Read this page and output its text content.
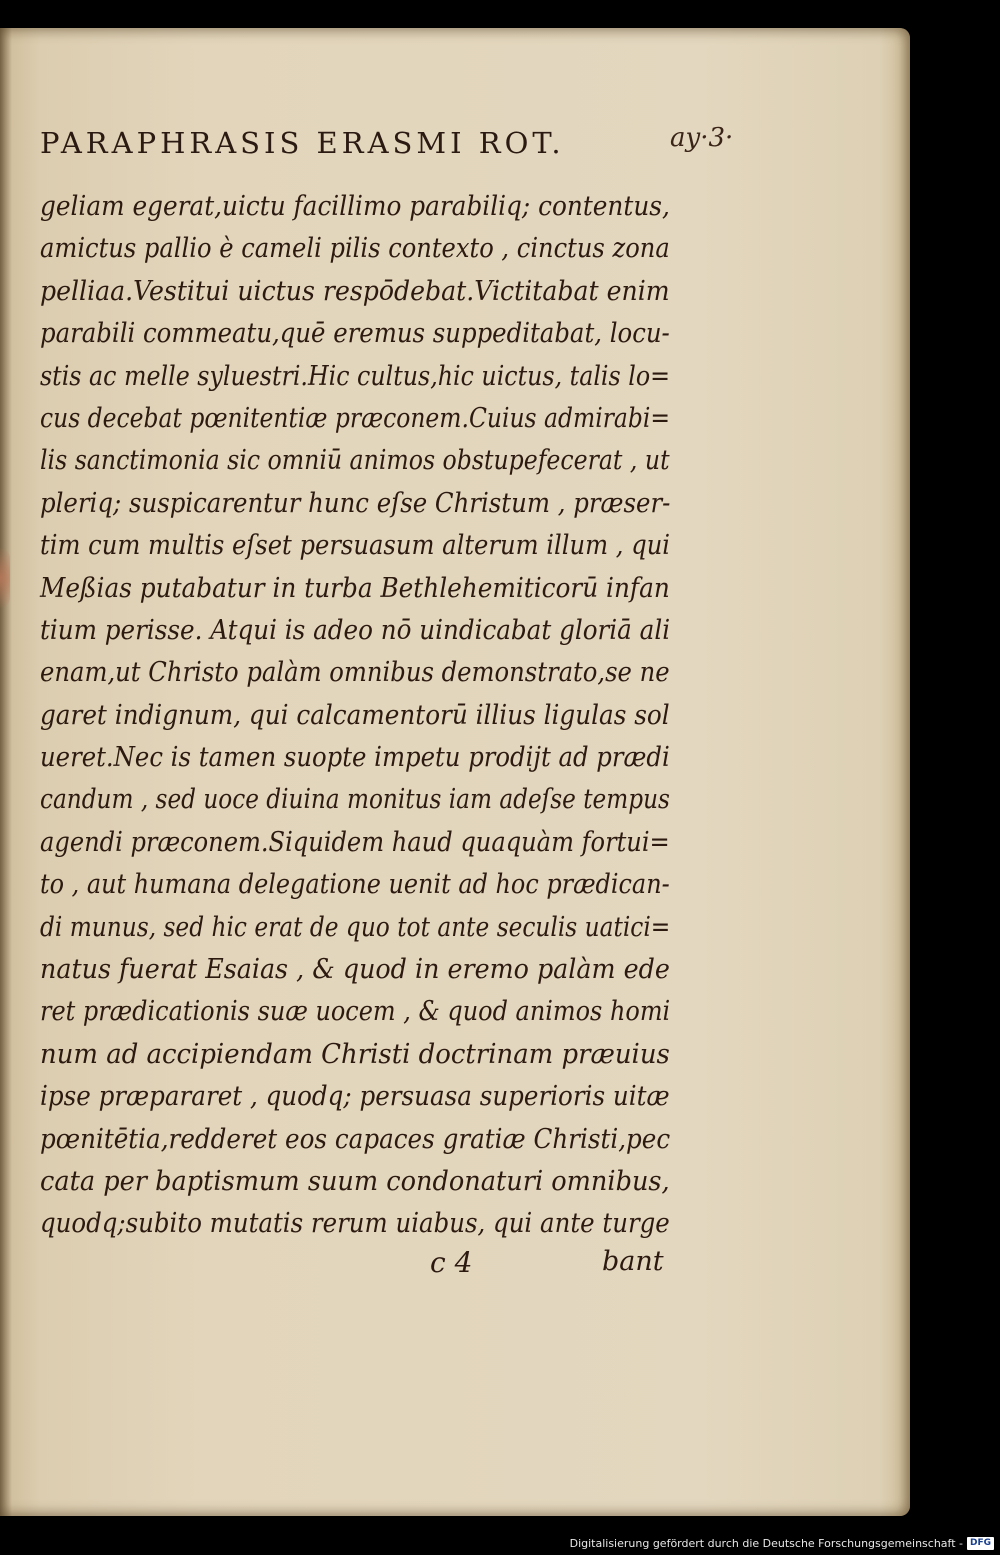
PARAPHRASIS ERASMI ROT.	ay·3·
geliam egerat,uictu facillimo parabiliq; contentus,
amictus pallio è cameli pilis contexto , cinctus zona
pelliaa.Vestitui uictus respōdebat.Victitabat enim
parabili commeatu,quē eremus suppeditabat, locu-
stis ac melle syluestri.Hic cultus,hic uictus, talis lo=
cus decebat pœnitentiæ præconem.Cuius admirabi=
lis sanctimonia sic omniū animos obstupefecerat , ut
pleriq; suspicarentur hunc eſse Christum , præser-
tim cum multis eſset persuasum alterum illum , qui
Meßias putabatur in turba Bethlehemiticorū infan
tium perisse. Atqui is adeo nō uindicabat gloriā ali
enam,ut Christo palàm omnibus demonstrato,se ne
garet indignum, qui calcamentorū illius ligulas sol
ueret.Nec is tamen suopte impetu prodijt ad prædi
candum , sed uoce diuina monitus iam adeſse tempus
agendi præconem.Siquidem haud quaquàm fortui=
to , aut humana delegatione uenit ad hoc prædican-
di munus, sed hic erat de quo tot ante seculis uatici=
natus fuerat Esaias , & quod in eremo palàm ede
ret prædicationis suæ uocem , & quod animos homi
num ad accipiendam Christi doctrinam præuius
ipse præpararet , quodq; persuasa superioris uitæ
pœnitētia,redderet eos capaces gratiæ Christi,pec
cata per baptismum suum condonaturi omnibus,
quodq;subito mutatis rerum uiabus, qui ante turge
c 4	bant
Digitalisierung gefördert durch die Deutsche Forschungsgemeinschaft - DFG
